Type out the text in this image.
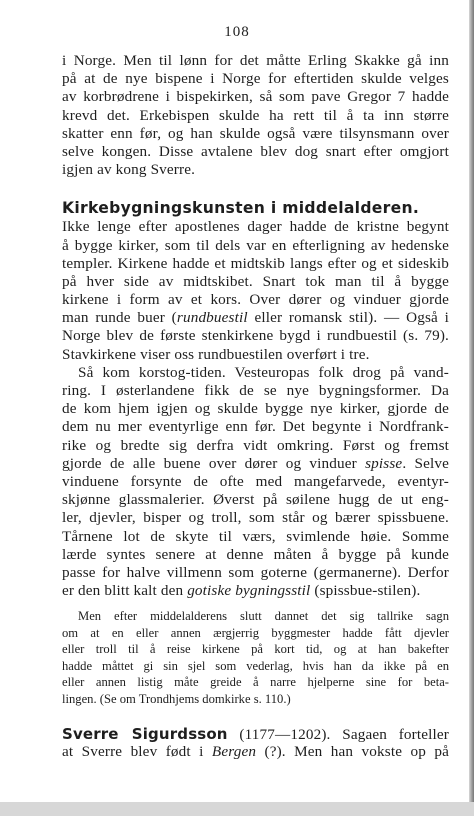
108
i Norge. Men til lønn for det måtte Erling Skakke gå inn
på at de nye bispene i Norge for eftertiden skulde velges
av korbrødrene i bispekirken, så som pave Gregor 7 hadde
krevd det. Erkebispen skulde ha rett til å ta inn større
skatter enn før, og han skulde også være tilsynsmann over
selve kongen. Disse avtalene blev dog snart efter omgjort
igjen av kong Sverre.
Kirkebygningskunsten i middelalderen.
Ikke lenge efter apostlenes dager hadde de kristne begynt
å bygge kirker, som til dels var en efterligning av hedenske
templer. Kirkene hadde et midtskib langs efter og et sideskib
på hver side av midtskibet. Snart tok man til å bygge
kirkene i form av et kors. Over dører og vinduer gjorde
man runde buer (rundbuestil eller romansk stil). — Også i
Norge blev de første stenkirkene bygd i rundbuestil (s. 79).
Stavkirkene viser oss rundbuestilen overført i tre.
Så kom korstog-tiden. Vesteuropas folk drog på vand-
ring. I østerlandene fikk de se nye bygningsformer. Da
de kom hjem igjen og skulde bygge nye kirker, gjorde de
dem nu mer eventyrlige enn før. Det begynte i Nordfrank-
rike og bredte sig derfra vidt omkring. Først og fremst
gjorde de alle buene over dører og vinduer spisse. Selve
vinduene forsynte de ofte med mangefarvede, eventyr-
skjønne glassmalerier. Øverst på søilene hugg de ut eng-
ler, djevler, bisper og troll, som står og bærer spissbuene.
Tårnene lot de skyte til værs, svimlende høie. Somme
lærde syntes senere at denne måten å bygge på kunde
passe for halve villmenn som goterne (germanerne). Derfor
er den blitt kalt den gotiske bygningsstil (spissbue-stilen).
Men efter middelalderens slutt dannet det sig tallrike sagn
om at en eller annen ærgjerrig byggmester hadde fått djevler
eller troll til å reise kirkene på kort tid, og at han bakefter
hadde måttet gi sin sjel som vederlag, hvis han da ikke på en
eller annen listig måte greide å narre hjelperne sine for beta-
lingen. (Se om Trondhjems domkirke s. 110.)
Sverre Sigurdsson (1177—1202). Sagaen forteller
at Sverre blev født i Bergen (?). Men han vokste op på
